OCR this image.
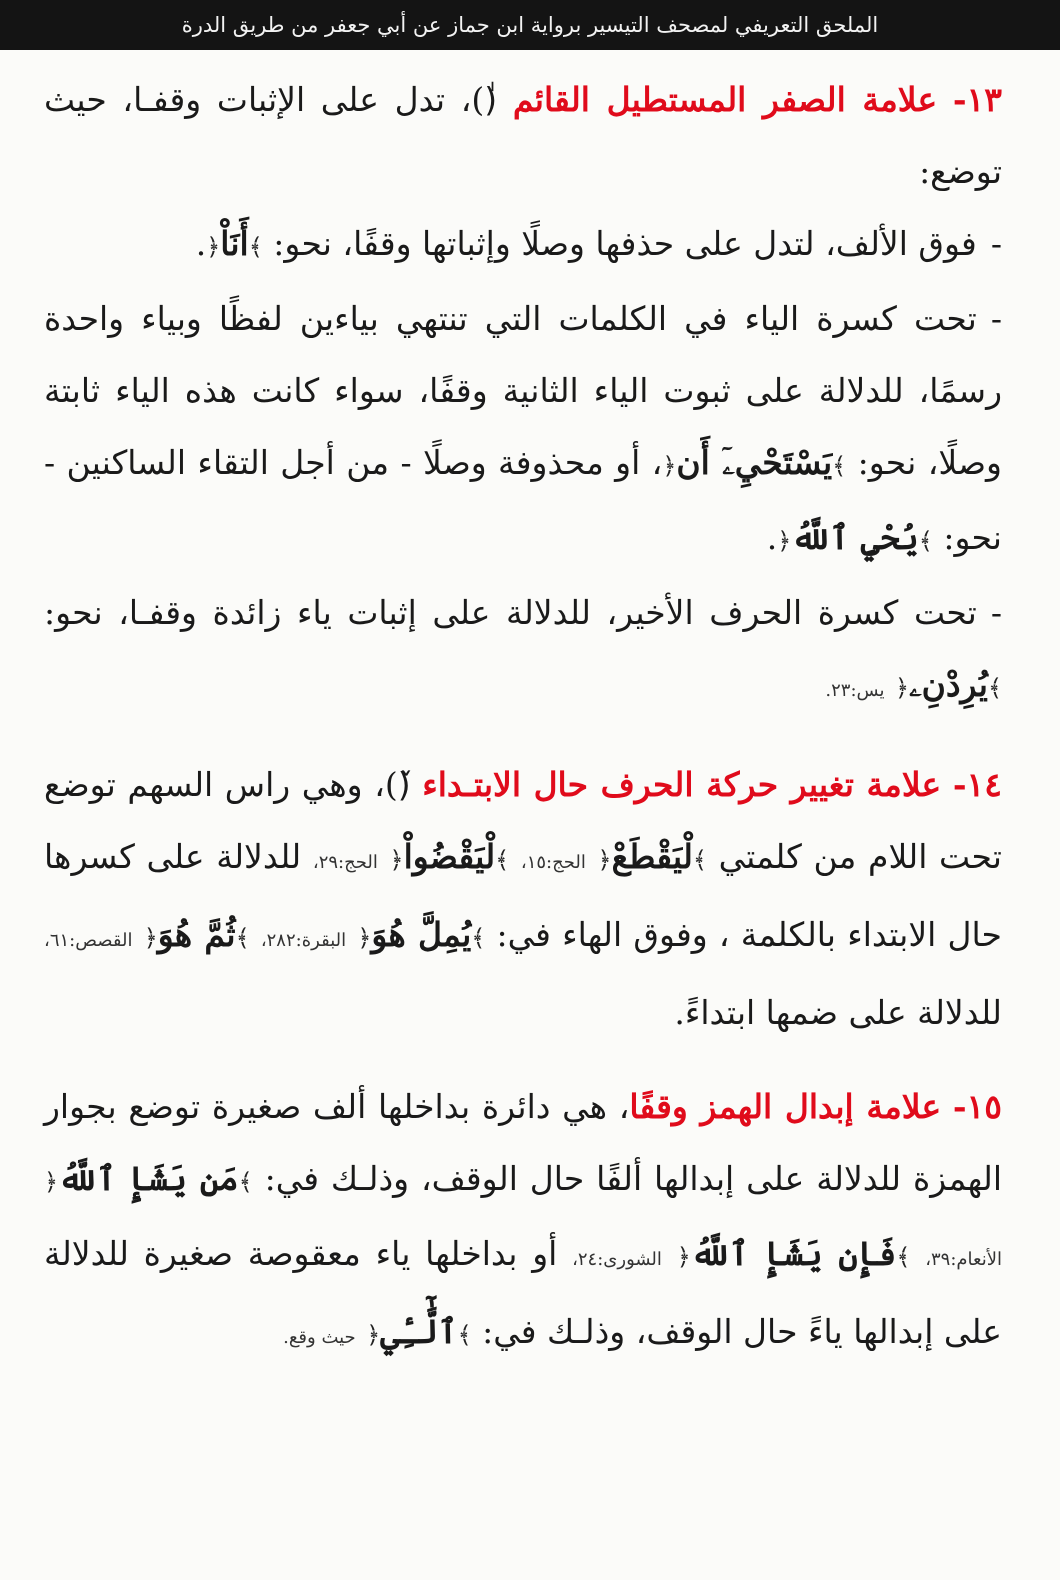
الملحق التعريفي لمصحف التيسير برواية ابن جماز عن أبي جعفر من طريق الدرة
١٣- علامة الصفر المستطيل القائم (ٰ)، تدل على الإثبات وقفـا، حيث توضع:
-فوق الألف، لتدل على حذفها وصلًا وإثباتها وقفًا، نحو: ﴾أَنَاْ﴿.
-تحت كسرة الياء في الكلمات التي تنتهي بياءين لفظًا وبياء واحدة رسمًا، للدلالة على ثبوت الياء الثانية وقفًا، سواء كانت هذه الياء ثابتة وصلًا، نحو: ﴾يَسْتَحْيِۦٓ أَن﴿، أو محذوفة وصلًا - من أجل التقاء الساكنين - نحو: ﴾يُحْيِ ٱللَّهُ﴿.
-تحت كسرة الحرف الأخير، للدلالة على إثبات ياء زائدة وقفـا، نحو: ﴾يُرِدْنِۦ﴿ يس:٢٣.
١٤- علامة تغيير حركة الحرف حال الابتـداء (ٚ)، وهي راس السهم توضع تحت اللام من كلمتي ﴾لْيَقْطَعْ﴿ الحج:١٥، ﴾لْيَقْضُواْ﴿ الحج:٢٩، للدلالة على كسرها حال الابتداء بالكلمة ، وفوق الهاء في: ﴾يُمِلَّ هُوَ﴿ البقرة:٢٨٢، ﴾ثُمَّ هُوَ﴿ القصص:٦١، للدلالة على ضمها ابتداءً.
١٥- علامة إبدال الهمز وقفًا، هي دائرة بداخلها ألف صغيرة توضع بجوار الهمزة للدلالة على إبدالها ألفًا حال الوقف، وذلـك في: ﴾مَن يَشَإِ ٱللَّهُ﴿ الأنعام:٣٩، ﴾فَإِن يَشَإِ ٱللَّهُ﴿ الشورى:٢٤، أو بداخلها ياء معقوصة صغيرة للدلالة على إبدالها ياءً حال الوقف، وذلـك في: ﴾ٱلَّٰٓـِٔي﴿ حيث وقع.
